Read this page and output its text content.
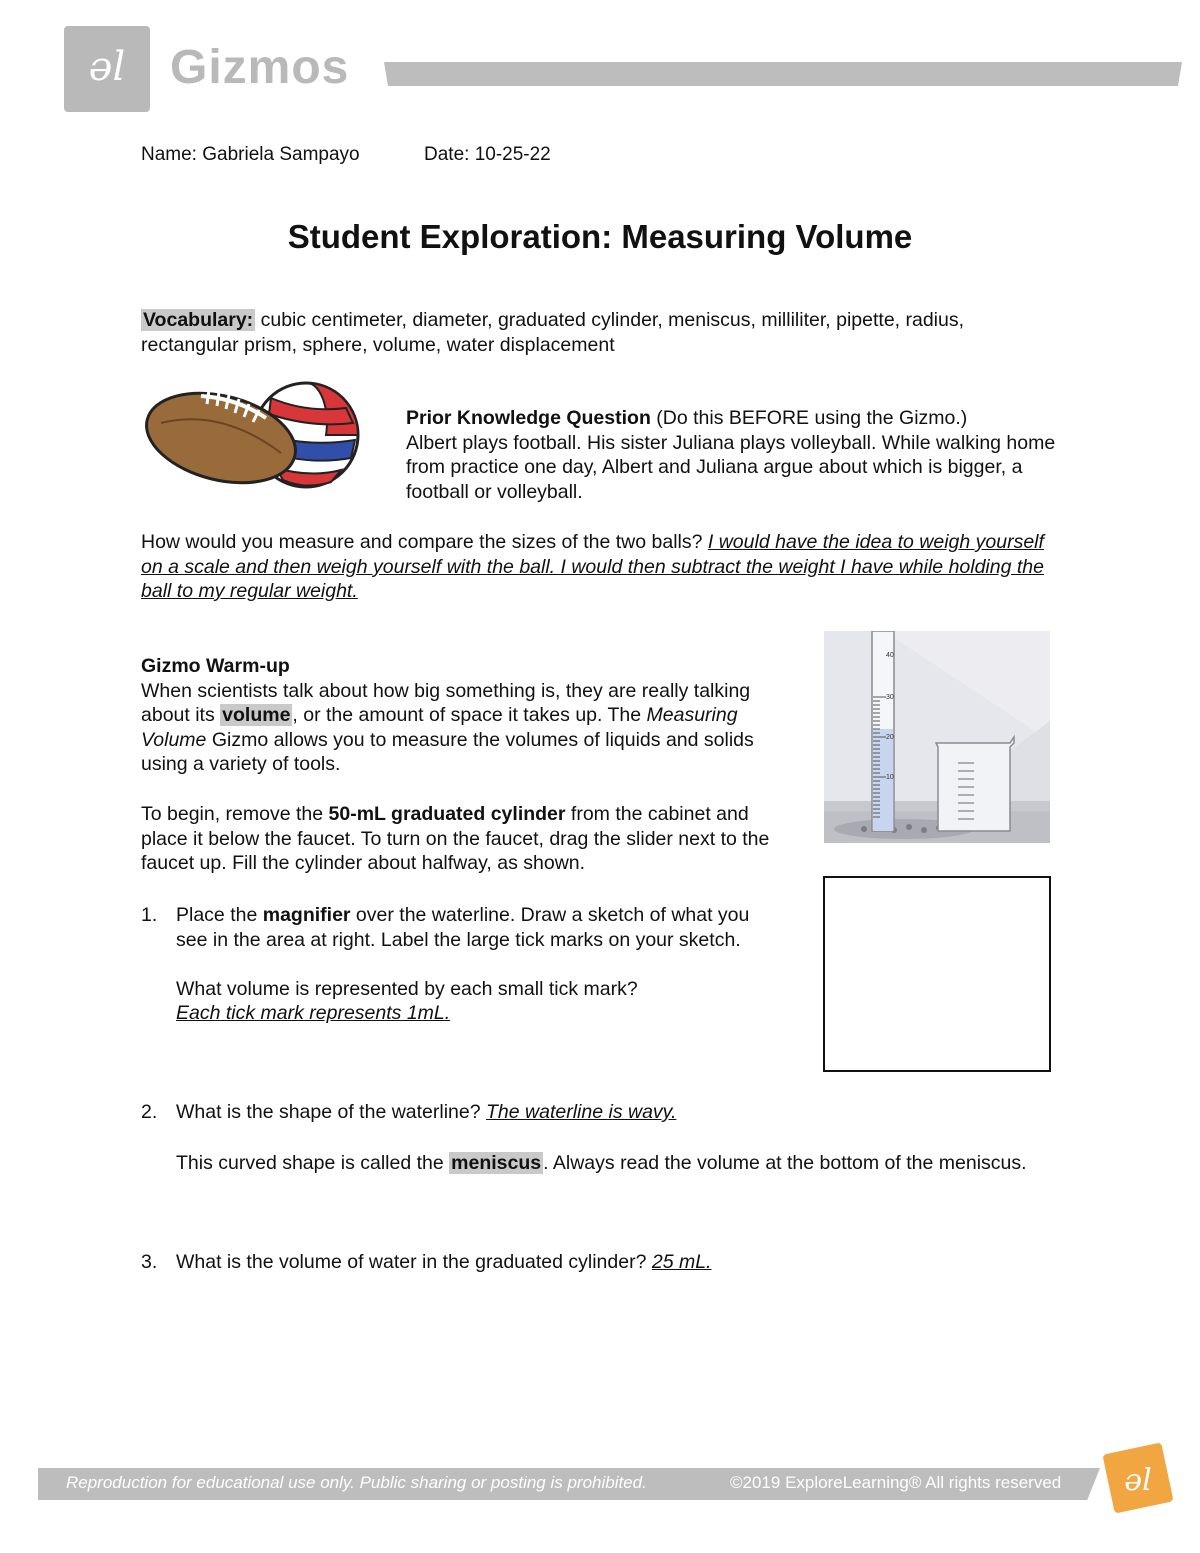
ǝl Gizmos
Name: Gabriela Sampayo	Date: 10-25-22
Student Exploration: Measuring Volume
Vocabulary: cubic centimeter, diameter, graduated cylinder, meniscus, milliliter, pipette, radius, rectangular prism, sphere, volume, water displacement
Prior Knowledge Question (Do this BEFORE using the Gizmo.)
Albert plays football. His sister Juliana plays volleyball. While walking home from practice one day, Albert and Juliana argue about which is bigger, a football or volleyball.
How would you measure and compare the sizes of the two balls? I would have the idea to weigh yourself on a scale and then weigh yourself with the ball. I would then subtract the weight I have while holding the ball to my regular weight.
40
30
20
10
Gizmo Warm-up
When scientists talk about how big something is, they are really talking about its volume , or the amount of space it takes up. The Measuring Volume Gizmo allows you to measure the volumes of liquids and solids using a variety of tools.
To begin, remove the 50-mL graduated cylinder from the cabinet and place it below the faucet. To turn on the faucet, drag the slider next to the faucet up. Fill the cylinder about halfway, as shown.
1. Place the magnifier over the waterline. Draw a sketch of what you see in the area at right. Label the large tick marks on your sketch.
What volume is represented by each small tick mark?
Each tick mark represents 1mL.
2. What is the shape of the waterline? The waterline is wavy.
This curved shape is called the meniscus . Always read the volume at the bottom of the meniscus.
3. What is the volume of water in the graduated cylinder? 25 mL.
Reproduction for educational use only. Public sharing or posting is prohibited.	©2019 ExploreLearning® All rights reserved ǝl
